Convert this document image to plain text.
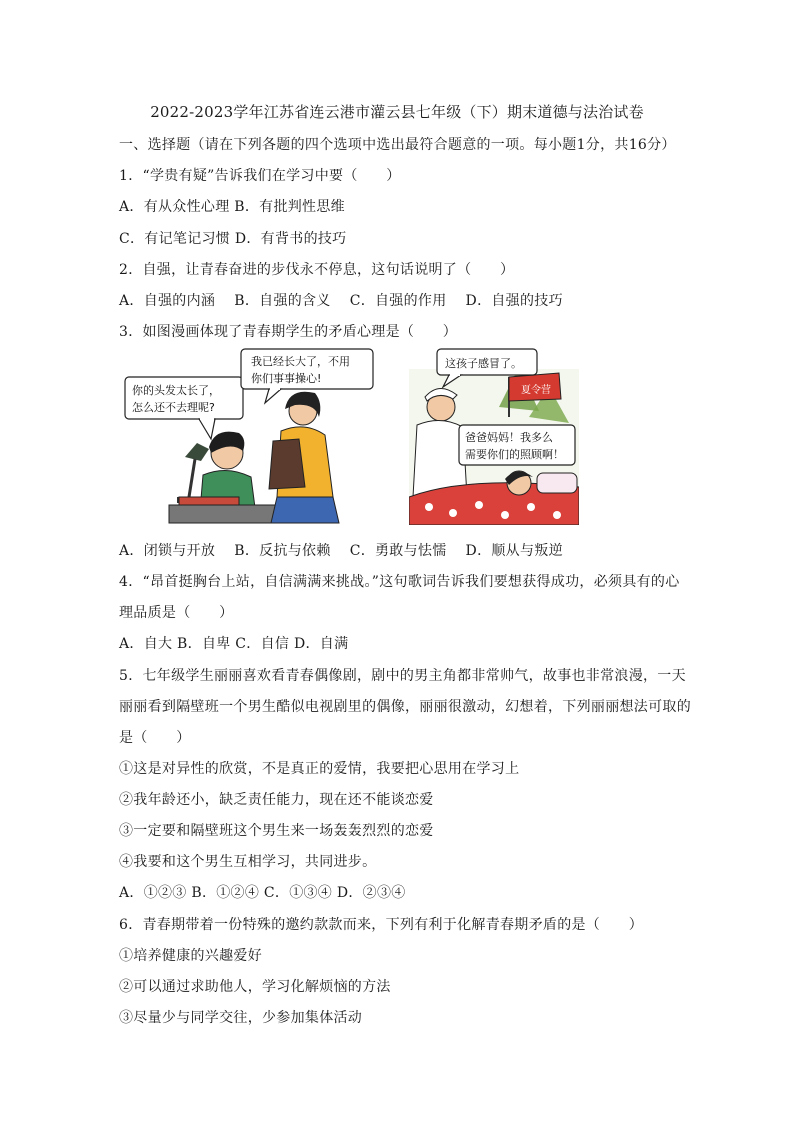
2022-2023学年江苏省连云港市灌云县七年级（下）期末道德与法治试卷
一、选择题（请在下列各题的四个选项中选出最符合题意的一项。每小题1分，共16分）
1．“学贵有疑”告诉我们在学习中要（　　）
A．有从众性心理 B．有批判性思维
C．有记笔记习惯 D．有背书的技巧
2．自强，让青春奋进的步伐永不停息，这句话说明了（　　）
A．自强的内涵　 B．自强的含义　 C．自强的作用　 D．自强的技巧
3．如图漫画体现了青春期学生的矛盾心理是（　　）
你的头发太长了，
怎么还不去理呢?
我已经长大了，不用
你们事事操心!
夏令营
这孩子感冒了。
爸爸妈妈！我多么
需要你们的照顾啊！
A．闭锁与开放　 B．反抗与依赖　 C．勇敢与怯懦　 D．顺从与叛逆
4．“昂首挺胸台上站，自信满满来挑战。”这句歌词告诉我们要想获得成功，必须具有的心
理品质是（　　）
A．自大 B．自卑 C．自信 D．自满
5．七年级学生丽丽喜欢看青春偶像剧，剧中的男主角都非常帅气，故事也非常浪漫，一天
丽丽看到隔壁班一个男生酷似电视剧里的偶像，丽丽很激动，幻想着，下列丽丽想法可取的
是（　　）
①这是对异性的欣赏，不是真正的爱情，我要把心思用在学习上
②我年龄还小，缺乏责任能力，现在还不能谈恋爱
③一定要和隔壁班这个男生来一场轰轰烈烈的恋爱
④我要和这个男生互相学习，共同进步。
A．①②③ B．①②④ C．①③④ D．②③④
6．青春期带着一份特殊的邀约款款而来，下列有利于化解青春期矛盾的是（　　）
①培养健康的兴趣爱好
②可以通过求助他人，学习化解烦恼的方法
③尽量少与同学交往，少参加集体活动
